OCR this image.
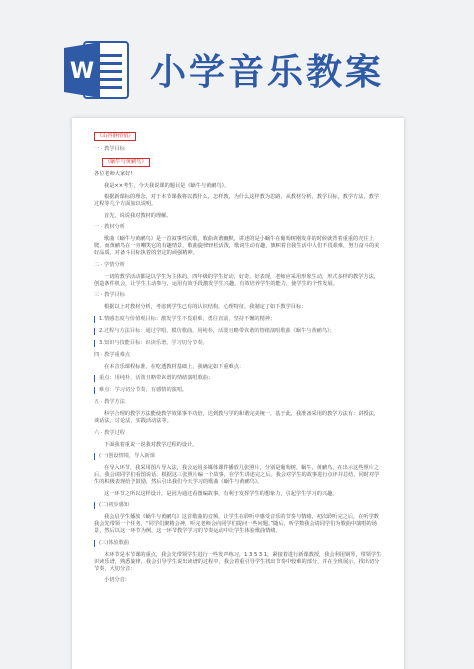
W 小学音乐教案
《山谷静悄悄》
一 · 教学目标
《蜗牛与黄鹂鸟》
各位老师大家好!
我是××考生，今天我说课的题目是《蜗牛与黄鹂鸟》。
根据新课标的理念，对于本节课我将以教什么，怎样教，为什么这样教为思路，从教材分析，教学目标，教学方法，教学过程等几个方面加以说明。
首先，说说我对教材的理解。
一 · 教材分析
歌曲《蜗牛与黄鹂鸟》是一首叙事性民歌，歌曲诙谐幽默，讲述的是小蜗牛在葡萄树刚发芽的时候就背着重重的壳往上爬，而黄鹂鸟在一旁嘲笑它的有趣情景，歌曲旋律轻松活泼，歌词生动有趣，旗帜着自我生活中人们不畏艰难，努力奋斗的美好品质，对备斗目标执着的坚定的顽强精神。
二 · 学情分析
一切的教学活动都是以学生为主体的，四年级的学生好动，好奇，好表现，老师应采用形象生动，形式多样的教学方法，创造条件机会，让学生主动参与，运用有效手段激发学生兴趣，有效培养学生的能力，使学生的个性发展。
三 · 教学目标
根据以上对教材分析，考虑到学生已有的认识结构，心理特征，我制定了如下教学目标：
1.情感态度与价值观目标：激发学生不畏艰难，勇往直前，坚持不懈的精神；
2.过程与方法目标：通过学唱，模仿歌曲，用纯朴，活泼且略带诙谐的情绪演唱歌曲《蜗牛与黄鹂鸟》；
3.知识与技能目标：识读乐谱，学习切分节奏。
四 · 教学重难点
在本音乐课程标准，在吃透教材基础上，我确定如下重难点：
重点：用纯朴，活泼且略带诙谐的情绪演唱歌曲；
难点：学习切分节奏，有感情的演唱。
五 · 教学方法
科学合理的教学方法能使教学效果事半功倍，达到教与学的和谐完美统一，基于此，我准备采用的教学方法有：讲授法，谈话法，讨论法，实践活动法等。
六 · 教学过程
下面我着重说一说我对教学过程的设计。
(一)创设情境，导入新课
在导入环节，我采用图片导入法，我会运用多媒体课件播放几张照片，分别是葡萄树，蜗牛，黄鹂鸟，在出示这些照片之后，我会请同学们看图说话，根据这三张照片编一个故事，在学生讲述完之后，我会对学生的故事进行点评并总结，同时对学生的积极表现给予鼓励，然后引出我们今天学习的歌曲《蜗牛与黄鹂鸟》。
这一环节之所以这样设计，是因为通过看图编故事，有利于发挥学生的想象力，引起学生学习的兴趣。
(二)初步感知
我会启学生播放《蜗牛与黄鹂鸟》这首歌曲的音频，让学生在聆听中感受音乐的节奏与情绪，初次聆听完之后，在听学数我会先带领一个任务，“同学们聚精会神，听完老师会向同学们提问一些问题。”随后，听学数我会请同学们为歌曲中演唱的场景，然后以这一环节为例，这一环节教学学习的节奏运动中让学生体验歌曲情绪。
(三)体验歌曲
本环节是本节课的重点，我会先带领学生进行一些发声练习，1 3 5 3 1，紧接着进行新课教授，我会利用钢琴，带领学生识读乐谱，熟悉旋律，我会引导学生说出读谱的过程中，我会着重引导学生找出节奏中较难的部分，并在全班展示，找出切分节奏，大切分音：
小切分音：
